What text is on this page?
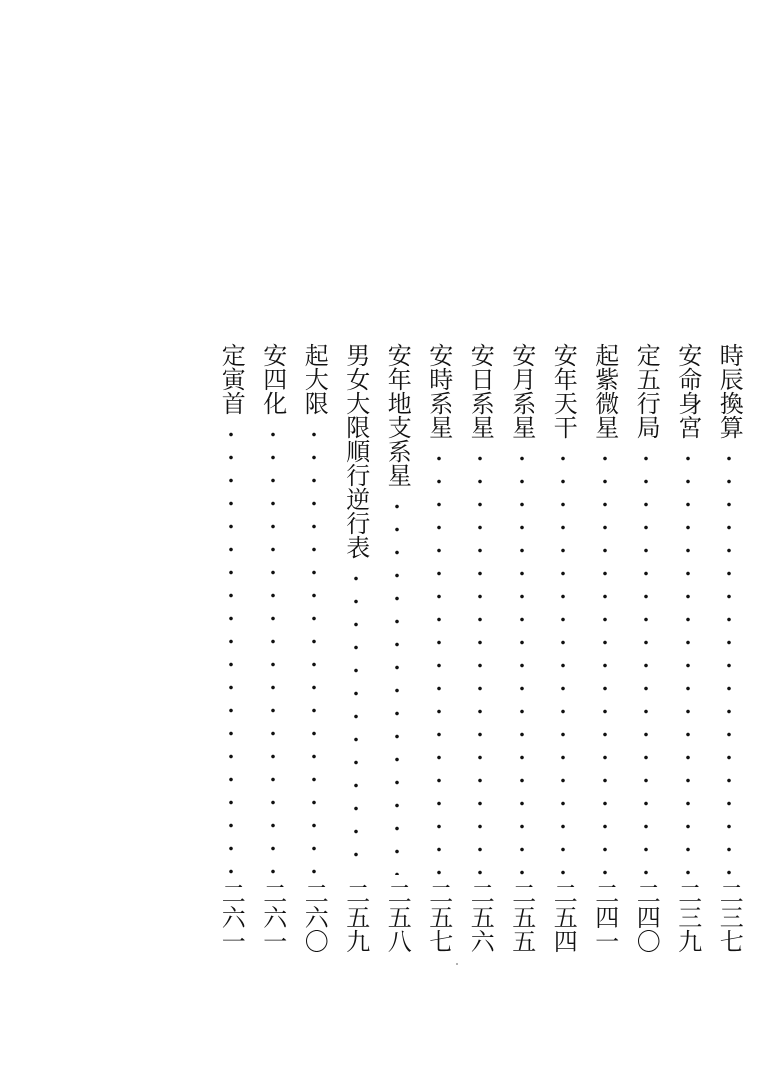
時辰換算
二三七
安命身宮
二三九
定五行局
二四〇
起紫微星
二四一
安年天干
二五四
安月系星
二五五
安日系星
二五六
安時系星
二五七
安年地支系星
二五八
男女大限順行逆行表
二五九
起大限
二六〇
安四化
二六一
定寅首
二六一
